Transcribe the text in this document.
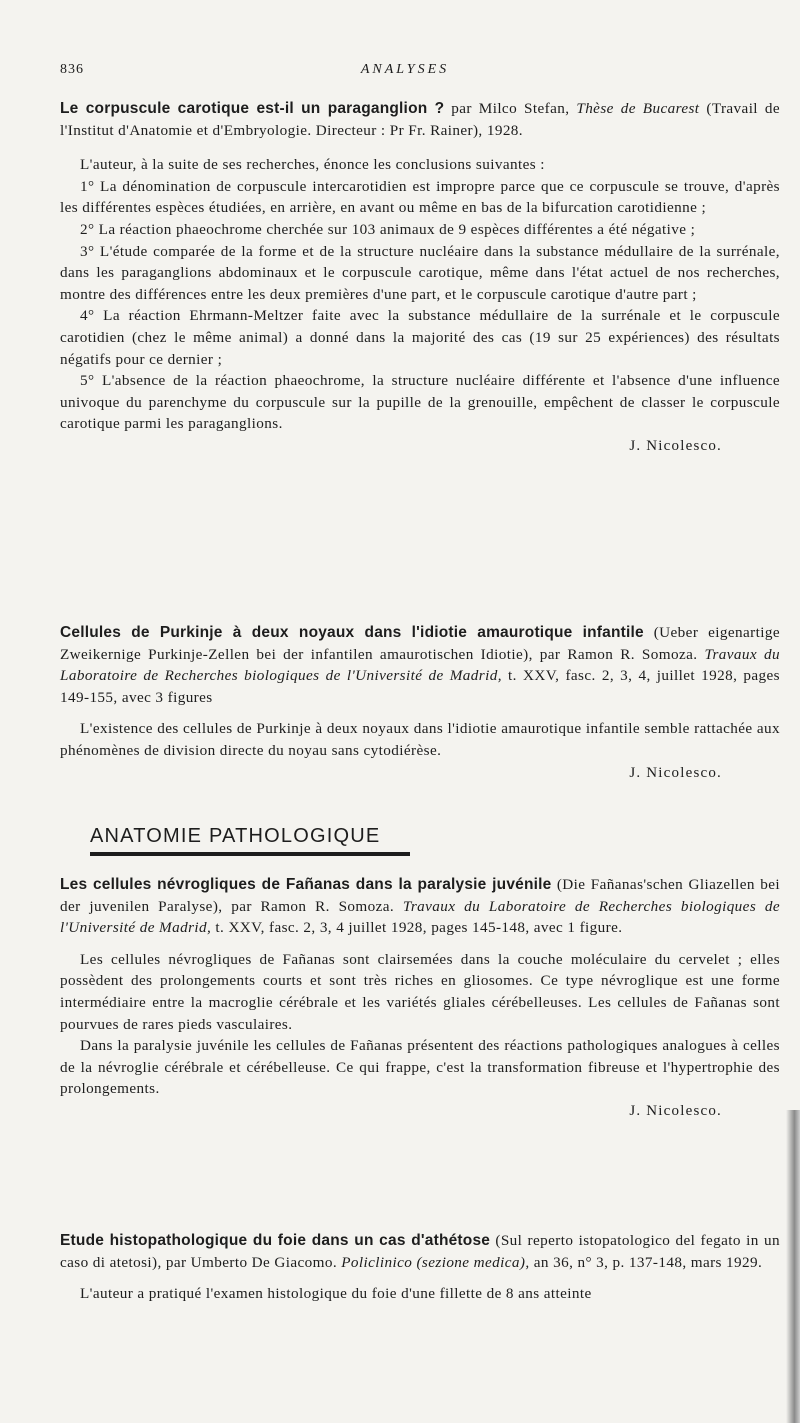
836	ANALYSES

Le corpuscule carotique est-il un paraganglion ? par Milco Stefan, Thèse de Bucarest (Travail de l'Institut d'Anatomie et d'Embryologie. Directeur : Pr Fr. Rainer), 1928.

L'auteur, à la suite de ses recherches, énonce les conclusions suivantes :

1° La dénomination de corpuscule intercarotidien est impropre parce que ce corpuscule se trouve, d'après les différentes espèces étudiées, en arrière, en avant ou même en bas de la bifurcation carotidienne ;

2° La réaction phaeochrome cherchée sur 103 animaux de 9 espèces différentes a été négative ;

3° L'étude comparée de la forme et de la structure nucléaire dans la substance médullaire de la surrénale, dans les paraganglions abdominaux et le corpuscule carotique, même dans l'état actuel de nos recherches, montre des différences entre les deux premières d'une part, et le corpuscule carotique d'autre part ;

4° La réaction Ehrmann-Meltzer faite avec la substance médullaire de la surrénale et le corpuscule carotidien (chez le même animal) a donné dans la majorité des cas (19 sur 25 expériences) des résultats négatifs pour ce dernier ;

5° L'absence de la réaction phaeochrome, la structure nucléaire différente et l'absence d'une influence univoque du parenchyme du corpuscule sur la pupille de la grenouille, empêchent de classer le corpuscule carotique parmi les paraganglions.

J. Nicolesco.

Cellules de Purkinje à deux noyaux dans l'idiotie amaurotique infantile (Ueber eigenartige Zweikernige Purkinje-Zellen bei der infantilen amaurotischen Idiotie), par Ramon R. Somoza. Travaux du Laboratoire de Recherches biologiques de l'Université de Madrid, t. XXV, fasc. 2, 3, 4, juillet 1928, pages 149-155, avec 3 figures

L'existence des cellules de Purkinje à deux noyaux dans l'idiotie amaurotique infantile semble rattachée aux phénomènes de division directe du noyau sans cytodiérèse.

J. Nicolesco.

ANATOMIE PATHOLOGIQUE

Les cellules névrogliques de Fañanas dans la paralysie juvénile (Die Fañanas'schen Gliazellen bei der juvenilen Paralyse), par Ramon R. Somoza. Travaux du Laboratoire de Recherches biologiques de l'Université de Madrid, t. XXV, fasc. 2, 3, 4 juillet 1928, pages 145-148, avec 1 figure.

Les cellules névrogliques de Fañanas sont clairsemées dans la couche moléculaire du cervelet ; elles possèdent des prolongements courts et sont très riches en gliosomes. Ce type névroglique est une forme intermédiaire entre la macroglie cérébrale et les variétés gliales cérébelleuses. Les cellules de Fañanas sont pourvues de rares pieds vasculaires.

Dans la paralysie juvénile les cellules de Fañanas présentent des réactions pathologiques analogues à celles de la névroglie cérébrale et cérébelleuse. Ce qui frappe, c'est la transformation fibreuse et l'hypertrophie des prolongements.

J. Nicolesco.

Etude histopathologique du foie dans un cas d'athétose (Sul reperto istopatologico del fegato in un caso di atetosi), par Umberto De Giacomo. Policlinico (sezione medica), an 36, n° 3, p. 137-148, mars 1929.

L'auteur a pratiqué l'examen histologique du foie d'une fillette de 8 ans atteinte
